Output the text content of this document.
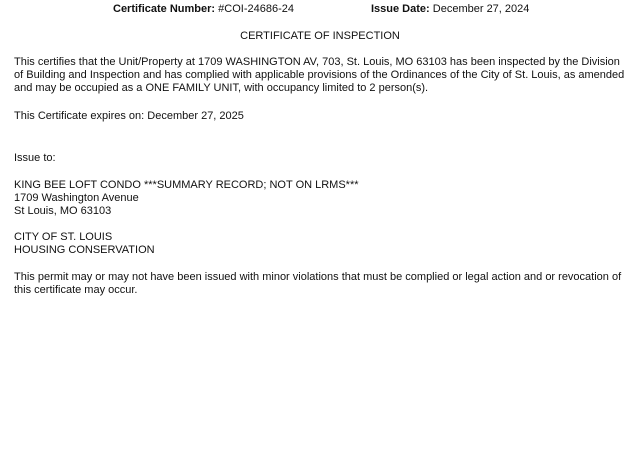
Certificate Number: #COI-24686-24	Issue Date: December 27, 2024
CERTIFICATE OF INSPECTION
This certifies that the Unit/Property at 1709 WASHINGTON AV, 703, St. Louis, MO 63103 has been inspected by the Division of Building and Inspection and has complied with applicable provisions of the Ordinances of the City of St. Louis, as amended and may be occupied as a ONE FAMILY UNIT, with occupancy limited to 2 person(s).
This Certificate expires on: December 27, 2025
Issue to:
KING BEE LOFT CONDO ***SUMMARY RECORD; NOT ON LRMS***
1709 Washington Avenue
St Louis, MO 63103
CITY OF ST. LOUIS
HOUSING CONSERVATION
This permit may or may not have been issued with minor violations that must be complied or legal action and or revocation of this certificate may occur.
